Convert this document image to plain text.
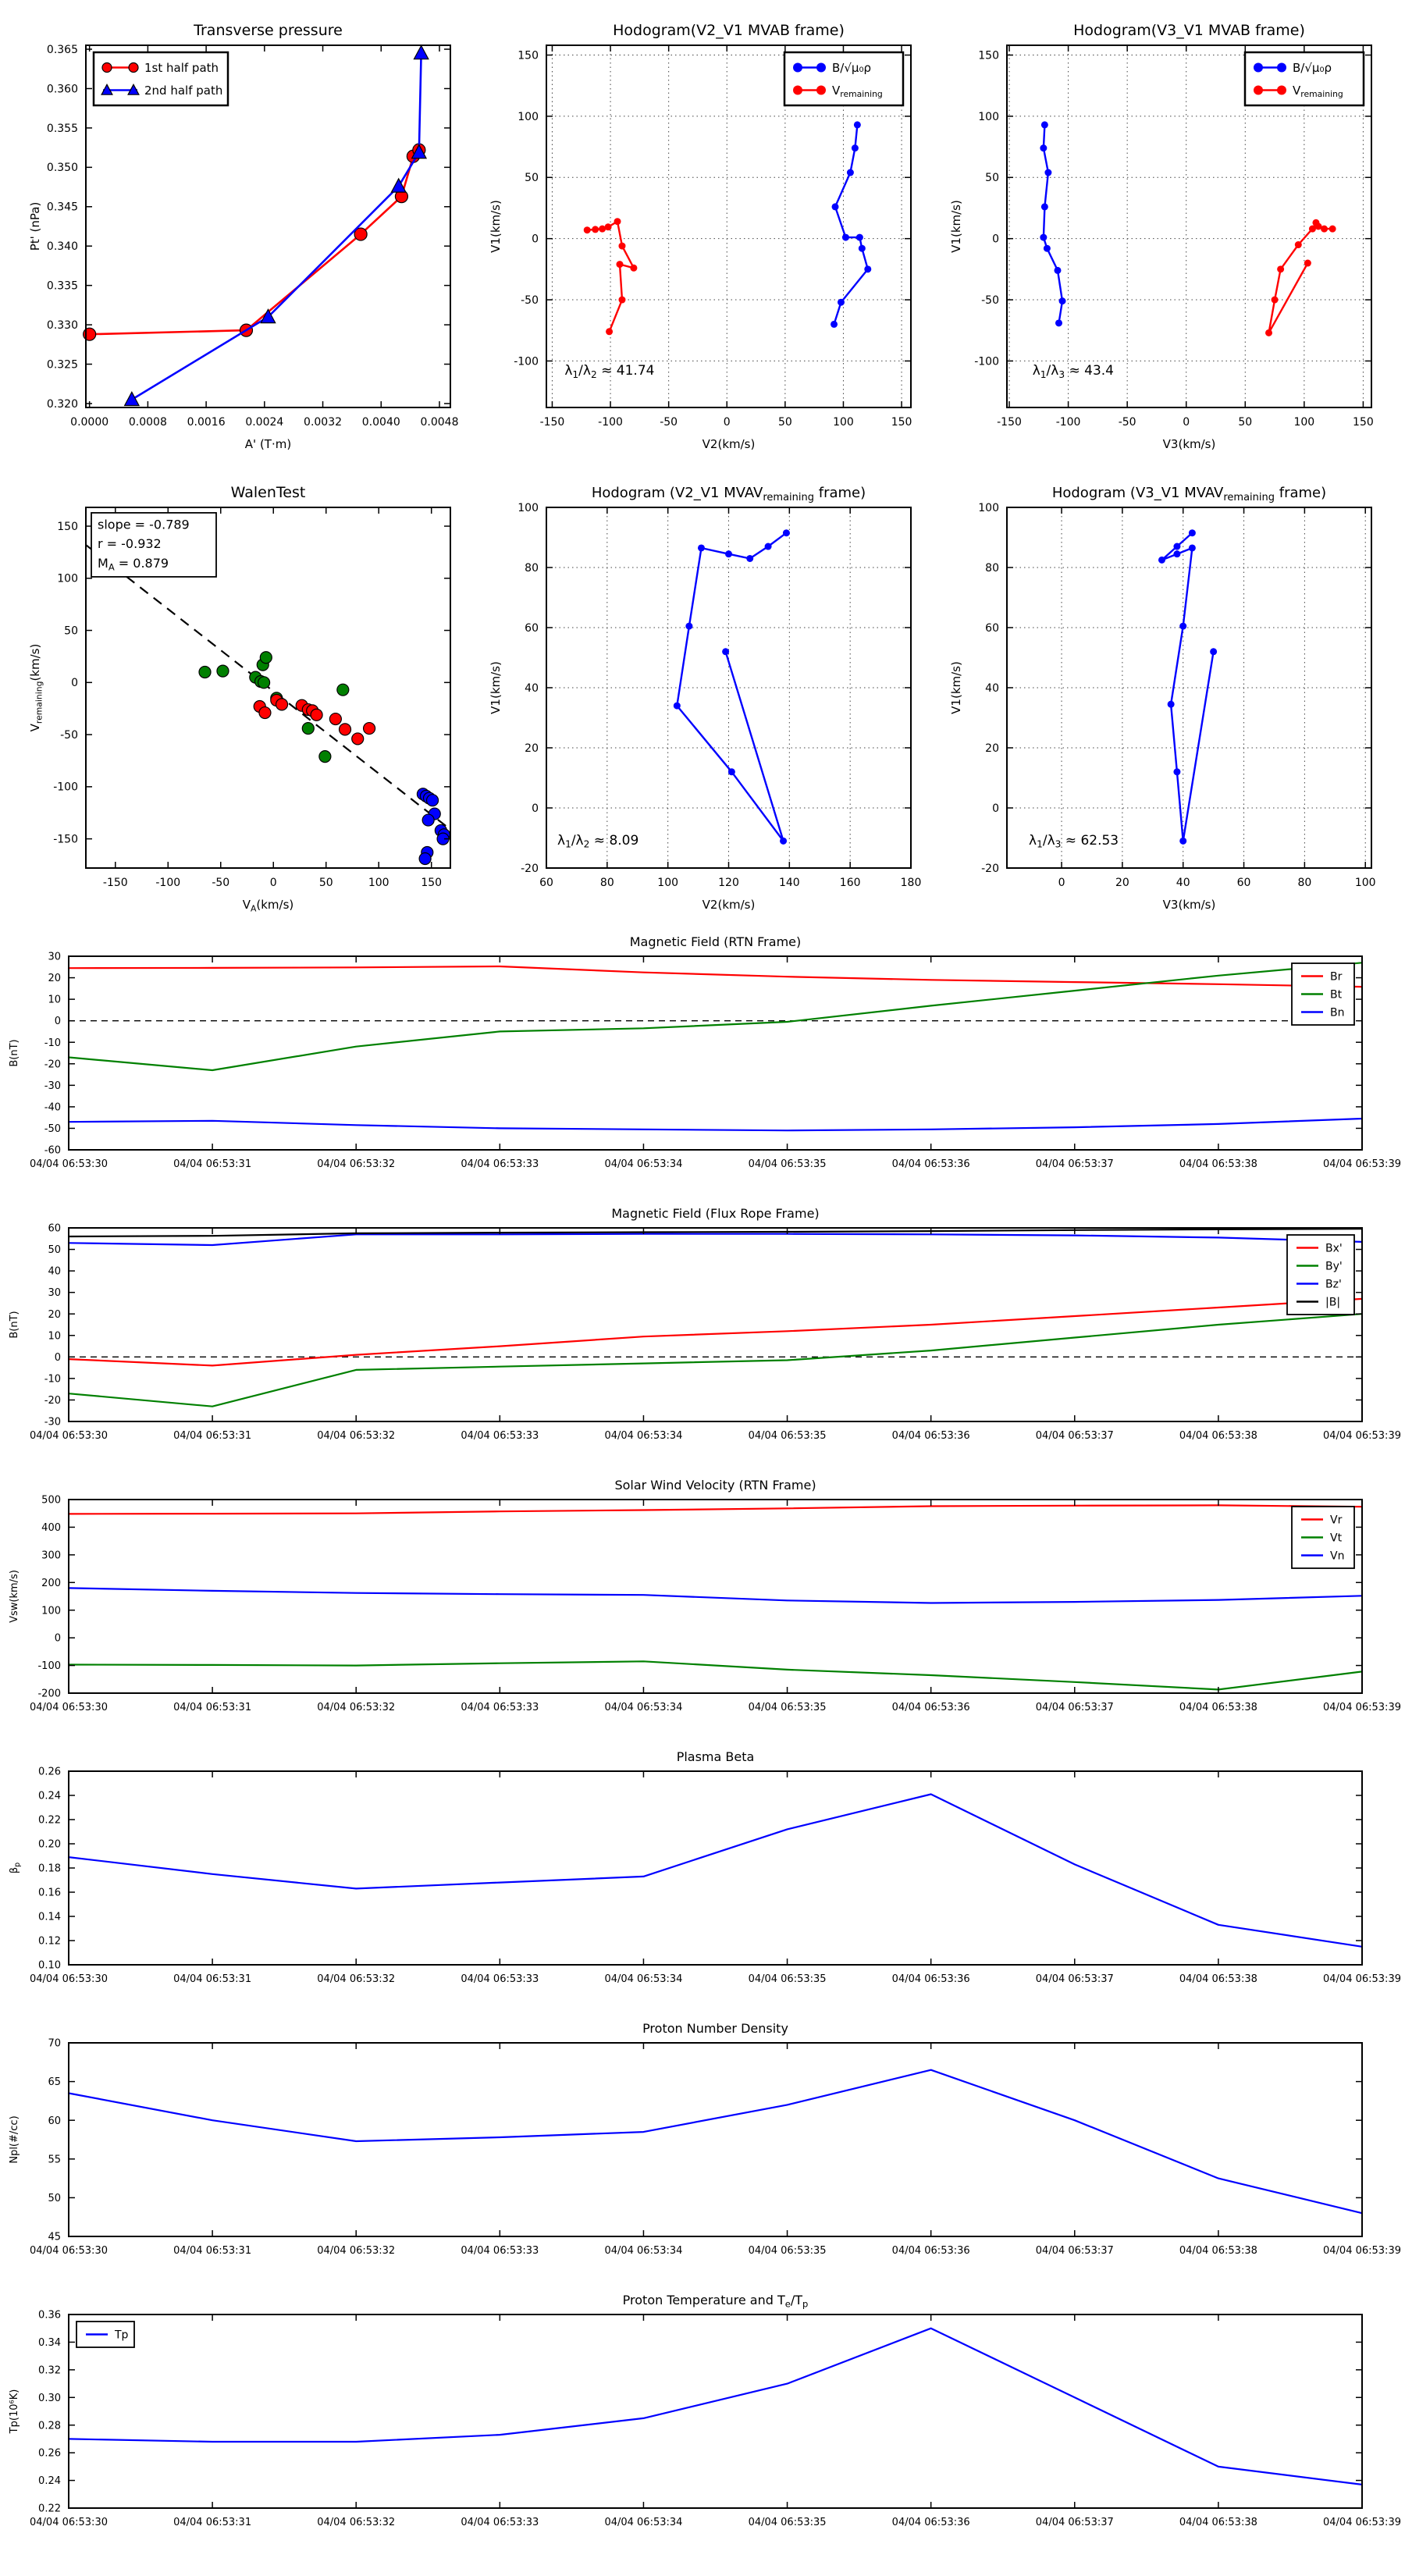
0.0000 0.0008 0.0016 0.0024 0.0032 0.0040 0.0048
0.320
0.325
0.330
0.335
0.340
0.345
0.350
0.355
0.360
0.365
Transverse pressure
A' (T·m)
Pt' (nPa)
1st half path
2nd half path
-150	-100	-50	0	50	100	150
-100
-50
0
50
100
150
Hodogram(V2_V1 MVAB frame)
V2(km/s)
V1(km/s)
B/√μ₀ρ
$V_{remaining}$
$\lambda_1/\lambda_2 \approx 41.74$
-150	-100	-50	0	50	100	150
-100
-50
0
50
100
150
Hodogram(V3_V1 MVAB frame)
V3(km/s)
V1(km/s)
B/√μ₀ρ
$V_{remaining}$
$\lambda_1/\lambda_3 \approx 43.4$
-150	-100	-50	0	50	100	150
-150
-100
-50
0
50
100
150
WalenTest
$V_A(km/s)$
$V_{remaining}(km/s)$
slope = -0.789
r = -0.932
$M_A = 0.879$
60	80	100	120	140	160	180
-20
0
20
40
60
80
100
Hodogram (V2_V1 $MVAV_{remaining}$ frame)
V2(km/s)
V1(km/s)
$\lambda_1/\lambda_2 \approx 8.09$
0	20	40	60	80	100
-20
0
20
40
60
80
100
Hodogram (V3_V1 $MVAV_{remaining}$ frame)
V3(km/s)
V1(km/s)
$\lambda_1/\lambda_3 \approx 62.53$
04/04 06:53:30	04/04 06:53:31	04/04 06:53:32	04/04 06:53:33	04/04 06:53:34	04/04 06:53:35	04/04 06:53:36	04/04 06:53:37	04/04 06:53:38	04/04 06:53:39
30
20
10
0
-10
-20
-30
-40
-50
-60
Magnetic Field (RTN Frame)
B(nT)
Br
Bt
Bn
04/04 06:53:30	04/04 06:53:31	04/04 06:53:32	04/04 06:53:33	04/04 06:53:34	04/04 06:53:35	04/04 06:53:36	04/04 06:53:37	04/04 06:53:38	04/04 06:53:39
60
50
40
30
20
10
0
-10
-20
-30
Magnetic Field (Flux Rope Frame)
B(nT)
Bx'
By'
Bz'
|B|
04/04 06:53:30	04/04 06:53:31	04/04 06:53:32	04/04 06:53:33	04/04 06:53:34	04/04 06:53:35	04/04 06:53:36	04/04 06:53:37	04/04 06:53:38	04/04 06:53:39
500
400
300
200
100
0
-100
-200
Solar Wind Velocity (RTN Frame)
Vsw(km/s)
Vr
Vt
Vn
04/04 06:53:30	04/04 06:53:31	04/04 06:53:32	04/04 06:53:33	04/04 06:53:34	04/04 06:53:35	04/04 06:53:36	04/04 06:53:37	04/04 06:53:38	04/04 06:53:39
0.26
0.24
0.22
0.20
0.18
0.16
0.14
0.12
0.10
Plasma Beta
$\beta_p$
04/04 06:53:30	04/04 06:53:31	04/04 06:53:32	04/04 06:53:33	04/04 06:53:34	04/04 06:53:35	04/04 06:53:36	04/04 06:53:37	04/04 06:53:38	04/04 06:53:39
70
65
60
55
50
45
Proton Number Density
Npl(#/cc)
04/04 06:53:30	04/04 06:53:31	04/04 06:53:32	04/04 06:53:33	04/04 06:53:34	04/04 06:53:35	04/04 06:53:36	04/04 06:53:37	04/04 06:53:38	04/04 06:53:39
0.36
0.34
0.32
0.30
0.28
0.26
0.24
0.22
Proton Temperature and $T_e/T_p$
Tp(10⁶K)
Tp
